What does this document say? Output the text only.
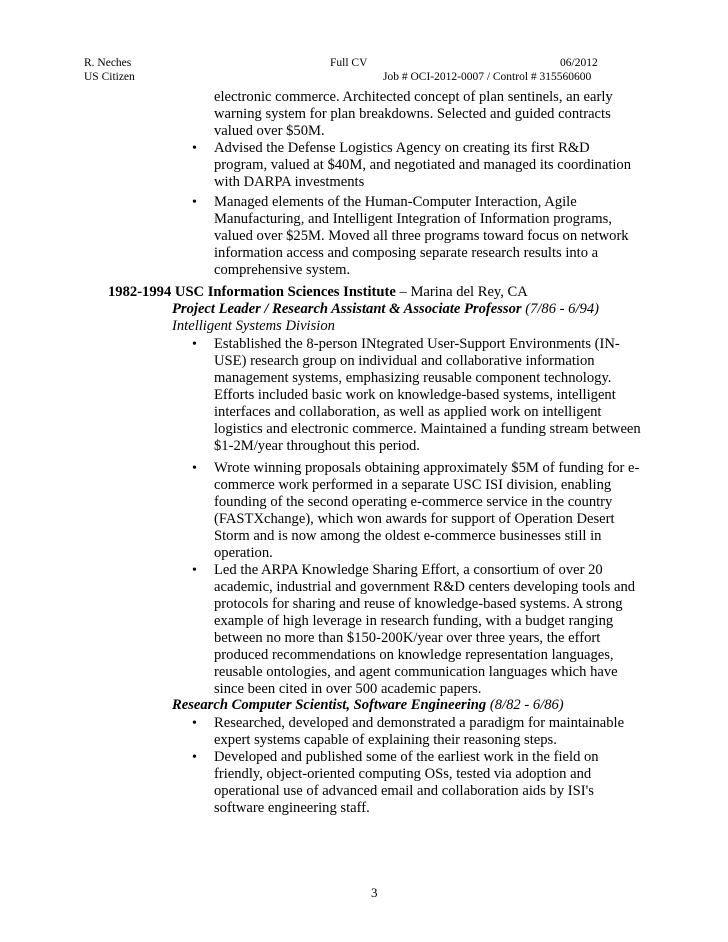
R. Neches	Full CV	06/2012
US Citizen	Job # OCI-2012-0007 / Control # 315560600

electronic commerce. Architected concept of plan sentinels, an early warning system for plan breakdowns. Selected and guided contracts valued over $50M.

• Advised the Defense Logistics Agency on creating its first R&D program, valued at $40M, and negotiated and managed its coordination with DARPA investments

• Managed elements of the Human-Computer Interaction, Agile Manufacturing, and Intelligent Integration of Information programs, valued over $25M. Moved all three programs toward focus on network information access and composing separate research results into a comprehensive system.

1982-1994 USC Information Sciences Institute – Marina del Rey, CA
Project Leader / Research Assistant & Associate Professor (7/86 - 6/94)
Intelligent Systems Division
• Established the 8-person INtegrated User-Support Environments (IN-USE) research group on individual and collaborative information management systems, emphasizing reusable component technology. Efforts included basic work on knowledge-based systems, intelligent interfaces and collaboration, as well as applied work on intelligent logistics and electronic commerce. Maintained a funding stream between $1-2M/year throughout this period.

• Wrote winning proposals obtaining approximately $5M of funding for e-commerce work performed in a separate USC ISI division, enabling founding of the second operating e-commerce service in the country (FASTXchange), which won awards for support of Operation Desert Storm and is now among the oldest e-commerce businesses still in operation.

• Led the ARPA Knowledge Sharing Effort, a consortium of over 20 academic, industrial and government R&D centers developing tools and protocols for sharing and reuse of knowledge-based systems. A strong example of high leverage in research funding, with a budget ranging between no more than $150-200K/year over three years, the effort produced recommendations on knowledge representation languages, reusable ontologies, and agent communication languages which have since been cited in over 500 academic papers.

Research Computer Scientist, Software Engineering (8/82 - 6/86)
• Researched, developed and demonstrated a paradigm for maintainable expert systems capable of explaining their reasoning steps.

• Developed and published some of the earliest work in the field on friendly, object-oriented computing OSs, tested via adoption and operational use of advanced email and collaboration aids by ISI's software engineering staff.

3
